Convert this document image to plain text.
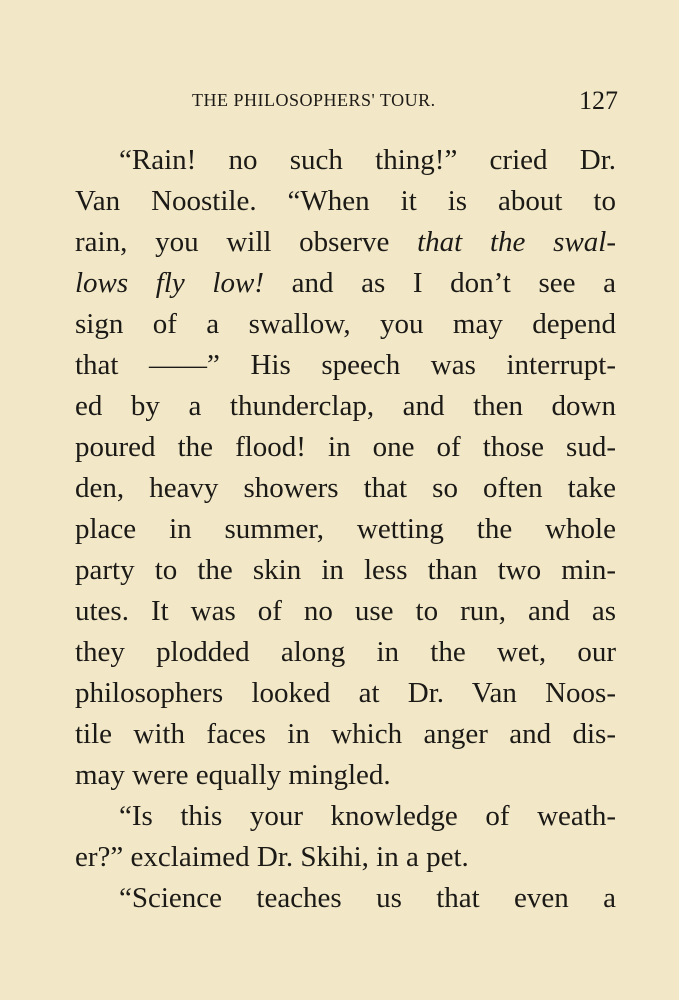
THE PHILOSOPHERS' TOUR.	127
“Rain! no such thing!” cried Dr.
Van Noostile. “When it is about to
rain, you will observe that the swal-
lows fly low! and as I don’t see a
sign of a swallow, you may depend
that ——” His speech was interrupt-
ed by a thunderclap, and then down
poured the flood! in one of those sud-
den, heavy showers that so often take
place in summer, wetting the whole
party to the skin in less than two min-
utes. It was of no use to run, and as
they plodded along in the wet, our
philosophers looked at Dr. Van Noos-
tile with faces in which anger and dis-
may were equally mingled.
“Is this your knowledge of weath-
er?” exclaimed Dr. Skihi, in a pet.
“Science teaches us that even a
